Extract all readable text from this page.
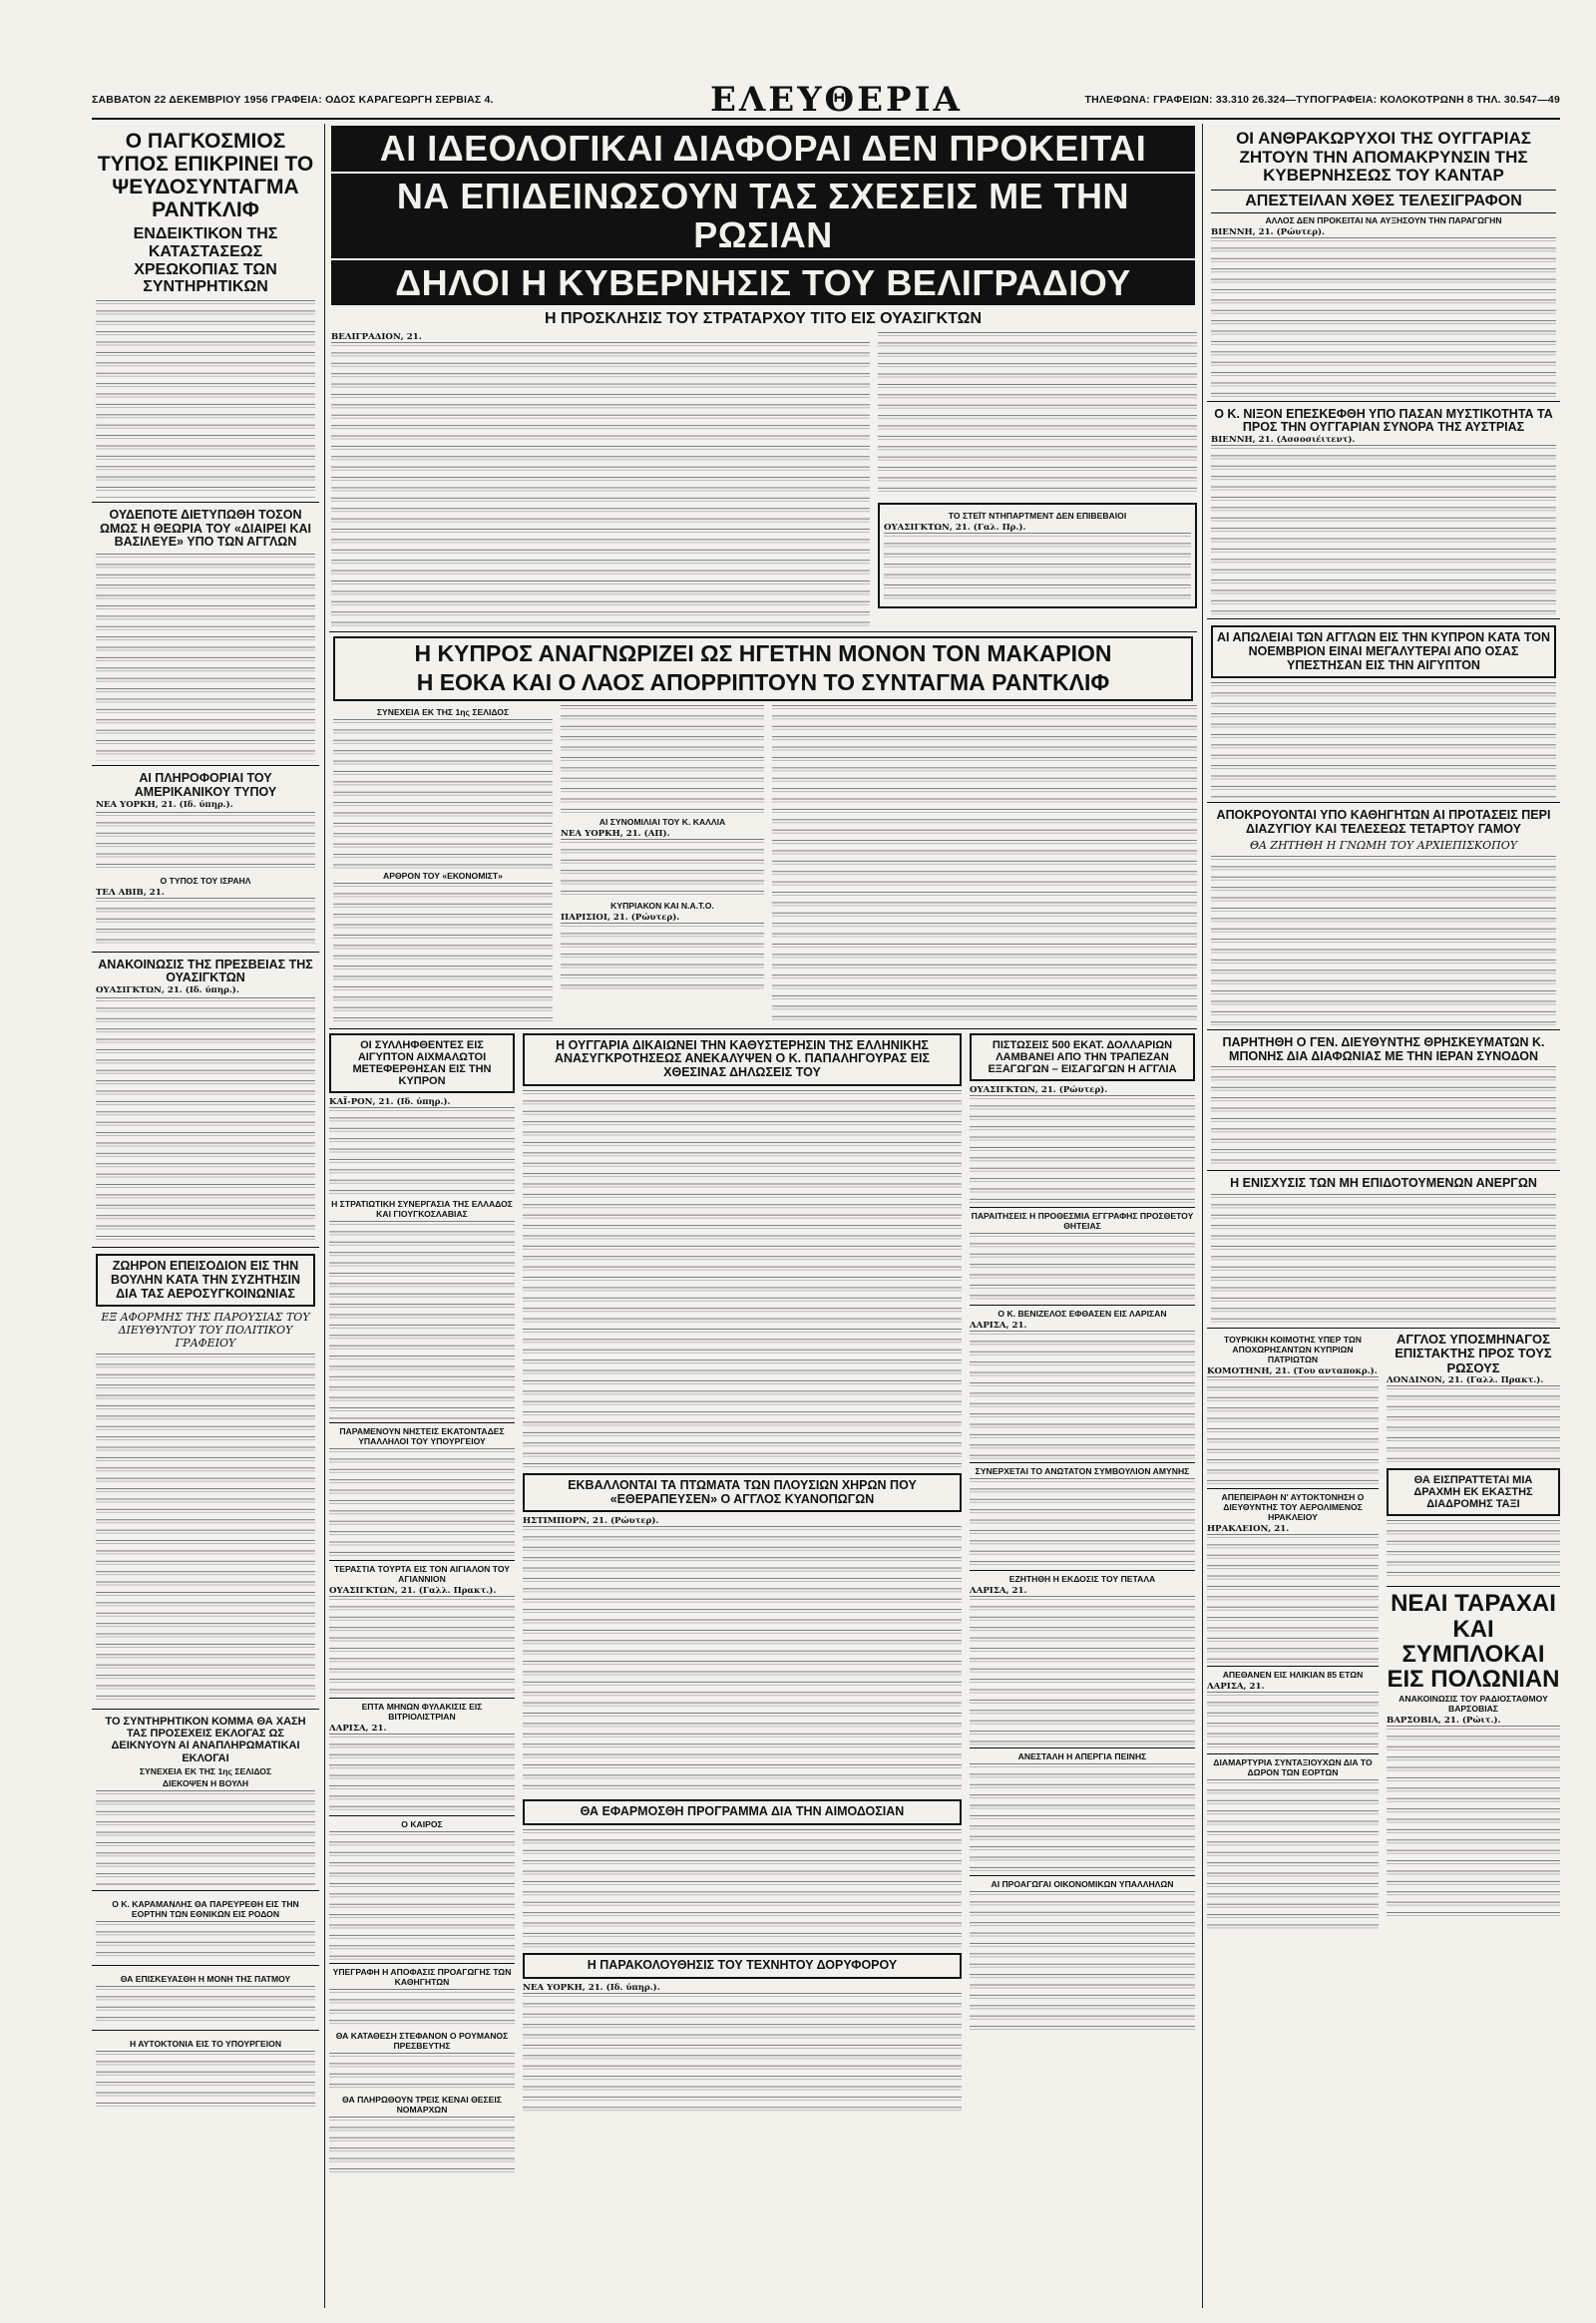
ΣΑΒΒΑΤΟΝ 22 ΔΕΚΕΜΒΡΙΟΥ 1956 ΓΡΑΦΕΙΑ: ΟΔΟΣ ΚΑΡΑΓΕΩΡΓΗ ΣΕΡΒΙΑΣ 4.	ΕΛΕΥΘΕΡΙΑ	ΤΗΛΕΦΩΝΑ: ΓΡΑΦΕΙΩΝ: 33.310 26.324—ΤΥΠΟΓΡΑΦΕΙΑ: ΚΟΛΟΚΟΤΡΩΝΗ 8 ΤΗΛ. 30.547—49
Ο ΠΑΓΚΟΣΜΙΟΣ ΤΥΠΟΣ ΕΠΙΚΡΙΝΕΙ ΤΟ ΨΕΥΔΟΣΥΝΤΑΓΜΑ ΡΑΝΤΚΛΙΦ
ΕΝΔΕΙΚΤΙΚΟΝ ΤΗΣ ΚΑΤΑΣΤΑΣΕΩΣ ΧΡΕΩΚΟΠΙΑΣ ΤΩΝ ΣΥΝΤΗΡΗΤΙΚΩΝ
ΟΥΔΕΠΟΤΕ ΔΙΕΤΥΠΩΘΗ ΤΟΣΟΝ ΩΜΩΣ Η ΘΕΩΡΙΑ ΤΟΥ «ΔΙΑΙΡΕΙ ΚΑΙ ΒΑΣΙΛΕΥΕ» ΥΠΟ ΤΩΝ ΑΓΓΛΩΝ
ΑΙ ΠΛΗΡΟΦΟΡΙΑΙ ΤΟΥ ΑΜΕΡΙΚΑΝΙΚΟΥ ΤΥΠΟΥ
ΝΕΑ ΥΟΡΚΗ, 21. (Ιδ. ύπηρ.).
Ο ΤΥΠΟΣ ΤΟΥ ΙΣΡΑΗΛ
ΤΕΛ ΑΒΙΒ, 21.
ΑΝΑΚΟΙΝΩΣΙΣ ΤΗΣ ΠΡΕΣΒΕΙΑΣ ΤΗΣ ΟΥΑΣΙΓΚΤΩΝ
ΟΥΑΣΙΓΚΤΩΝ, 21. (Ιδ. ύπηρ.).
ΖΩΗΡΟΝ ΕΠΕΙΣΟΔΙΟΝ ΕΙΣ ΤΗΝ ΒΟΥΛΗΝ ΚΑΤΑ ΤΗΝ ΣΥΖΗΤΗΣΙΝ ΔΙΑ ΤΑΣ ΑΕΡΟΣΥΓΚΟΙΝΩΝΙΑΣ
ΕΞ ΑΦΟΡΜΗΣ ΤΗΣ ΠΑΡΟΥΣΙΑΣ ΤΟΥ ΔΙΕΥΘΥΝΤΟΥ ΤΟΥ ΠΟΛΙΤΙΚΟΥ ΓΡΑΦΕΙΟΥ
ΤΟ ΣΥΝΤΗΡΗΤΙΚΟΝ ΚΟΜΜΑ ΘΑ ΧΑΣΗ ΤΑΣ ΠΡΟΣΕΧΕΙΣ ΕΚΛΟΓΑΣ ΩΣ ΔΕΙΚΝΥΟΥΝ ΑΙ ΑΝΑΠΛΗΡΩΜΑΤΙΚΑΙ ΕΚΛΟΓΑΙ
ΣΥΝΕΧΕΙΑ ΕΚ ΤΗΣ 1ης ΣΕΛΙΔΟΣ
ΔΙΕΚΟΨΕΝ Η ΒΟΥΛΗ
Ο Κ. ΚΑΡΑΜΑΝΛΗΣ ΘΑ ΠΑΡΕΥΡΕΘΗ ΕΙΣ ΤΗΝ ΕΟΡΤΗΝ ΤΩΝ ΕΘΝΙΚΩΝ ΕΙΣ ΡΟΔΟΝ
ΘΑ ΕΠΙΣΚΕΥΑΣΘΗ Η ΜΟΝΗ ΤΗΣ ΠΑΤΜΟΥ
Η ΑΥΤΟΚΤΟΝΙΑ ΕΙΣ ΤΟ ΥΠΟΥΡΓΕΙΟΝ
ΑΙ ΙΔΕΟΛΟΓΙΚΑΙ ΔΙΑΦΟΡΑΙ ΔΕΝ ΠΡΟΚΕΙΤΑΙ
ΝΑ ΕΠΙΔΕΙΝΩΣΟΥΝ ΤΑΣ ΣΧΕΣΕΙΣ ΜΕ ΤΗΝ ΡΩΣΙΑΝ
ΔΗΛΟΙ Η ΚΥΒΕΡΝΗΣΙΣ ΤΟΥ ΒΕΛΙΓΡΑΔΙΟΥ
Η ΠΡΟΣΚΛΗΣΙΣ ΤΟΥ ΣΤΡΑΤΑΡΧΟΥ ΤΙΤΟ ΕΙΣ ΟΥΑΣΙΓΚΤΩΝ
ΒΕΛΙΓΡΑΔΙΟΝ, 21.
ΤΟ ΣΤΕΪΤ ΝΤΗΠΑΡΤΜΕΝΤ ΔΕΝ ΕΠΙΒΕΒΑΙΟΙ
ΟΥΑΣΙΓΚΤΩΝ, 21. (Γαλ. Πρ.).
Η ΚΥΠΡΟΣ ΑΝΑΓΝΩΡΙΖΕΙ ΩΣ ΗΓΕΤΗΝ ΜΟΝΟΝ ΤΟΝ ΜΑΚΑΡΙΟΝ
Η ΕΟΚΑ ΚΑΙ Ο ΛΑΟΣ ΑΠΟΡΡΙΠΤΟΥΝ ΤΟ ΣΥΝΤΑΓΜΑ ΡΑΝΤΚΛΙΦ
ΣΥΝΕΧΕΙΑ ΕΚ ΤΗΣ 1ης ΣΕΛΙΔΟΣ
ΑΡΘΡΟΝ ΤΟΥ «ΕΚΟΝΟΜΙΣΤ»
ΑΙ ΣΥΝΟΜΙΛΙΑΙ ΤΟΥ Κ. ΚΑΛΛΙΑ
ΝΕΑ ΥΟΡΚΗ, 21. (ΑΠ).
ΚΥΠΡΙΑΚΟΝ ΚΑΙ Ν.Α.Τ.Ο.
ΠΑΡΙΣΙΟΙ, 21. (Ρώυτερ).
ΟΙ ΣΥΛΛΗΦΘΕΝΤΕΣ ΕΙΣ ΑΙΓΥΠΤΟΝ ΑΙΧΜΑΛΩΤΟΙ ΜΕΤΕΦΕΡΘΗΣΑΝ ΕΙΣ ΤΗΝ ΚΥΠΡΟΝ
ΚΑΪ-ΡΟΝ, 21. (Ιδ. ύπηρ.).
Η ΣΤΡΑΤΙΩΤΙΚΗ ΣΥΝΕΡΓΑΣΙΑ ΤΗΣ ΕΛΛΑΔΟΣ ΚΑΙ ΓΙΟΥΓΚΟΣΛΑΒΙΑΣ
ΠΑΡΑΜΕΝΟΥΝ ΝΗΣΤΕΙΣ ΕΚΑΤΟΝΤΑΔΕΣ ΥΠΑΛΛΗΛΟΙ ΤΟΥ ΥΠΟΥΡΓΕΙΟΥ
ΤΕΡΑΣΤΙΑ ΤΟΥΡΤΑ ΕΙΣ ΤΟΝ ΑΙΓΙΑΛΟΝ ΤΟΥ ΑΓΙΑΝΝΙΟΝ
ΟΥΑΣΙΓΚΤΩΝ, 21. (Γαλλ. Πρακτ.).
ΕΠΤΑ ΜΗΝΩΝ ΦΥΛΑΚΙΣΙΣ ΕΙΣ ΒΙΤΡΙΟΛΙΣΤΡΙΑΝ
ΛΑΡΙΣΑ, 21.
Ο ΚΑΙΡΟΣ
ΥΠΕΓΡΑΦΗ Η ΑΠΟΦΑΣΙΣ ΠΡΟΑΓΩΓΗΣ ΤΩΝ ΚΑΘΗΓΗΤΩΝ
ΘΑ ΚΑΤΑΘΕΣΗ ΣΤΕΦΑΝΟΝ Ο ΡΟΥΜΑΝΟΣ ΠΡΕΣΒΕΥΤΗΣ
ΘΑ ΠΛΗΡΩΘΟΥΝ ΤΡΕΙΣ ΚΕΝΑΙ ΘΕΣΕΙΣ ΝΟΜΑΡΧΩΝ
Η ΟΥΓΓΑΡΙΑ ΔΙΚΑΙΩΝΕΙ ΤΗΝ ΚΑΘΥΣΤΕΡΗΣΙΝ ΤΗΣ ΕΛΛΗΝΙΚΗΣ ΑΝΑΣΥΓΚΡΟΤΗΣΕΩΣ ΑΝΕΚΑΛΥΨΕΝ Ο Κ. ΠΑΠΑΛΗΓΟΥΡΑΣ ΕΙΣ ΧΘΕΣΙΝΑΣ ΔΗΛΩΣΕΙΣ ΤΟΥ
ΕΚΒΑΛΛΟΝΤΑΙ ΤΑ ΠΤΩΜΑΤΑ ΤΩΝ ΠΛΟΥΣΙΩΝ ΧΗΡΩΝ ΠΟΥ «ΕΘΕΡΑΠΕΥΣΕΝ» Ο ΑΓΓΛΟΣ ΚΥΑΝΟΠΩΓΩΝ
ΗΣΤΙΜΠΟΡΝ, 21. (Ρώυτερ).
ΘΑ ΕΦΑΡΜΟΣΘΗ ΠΡΟΓΡΑΜΜΑ ΔΙΑ ΤΗΝ ΑΙΜΟΔΟΣΙΑΝ
Η ΠΑΡΑΚΟΛΟΥΘΗΣΙΣ ΤΟΥ ΤΕΧΝΗΤΟΥ ΔΟΡΥΦΟΡΟΥ
ΝΕΑ ΥΟΡΚΗ, 21. (Ιδ. ύπηρ.).
ΠΙΣΤΩΣΕΙΣ 500 ΕΚΑΤ. ΔΟΛΛΑΡΙΩΝ ΛΑΜΒΑΝΕΙ ΑΠΟ ΤΗΝ ΤΡΑΠΕΖΑΝ ΕΞΑΓΩΓΩΝ – ΕΙΣΑΓΩΓΩΝ Η ΑΓΓΛΙΑ
ΟΥΑΣΙΓΚΤΩΝ, 21. (Ρώυτερ).
ΠΑΡΑΙΤΗΣΕΙΣ Η ΠΡΟΘΕΣΜΙΑ ΕΓΓΡΑΦΗΣ ΠΡΟΣΘΕΤΟΥ ΘΗΤΕΙΑΣ
Ο Κ. ΒΕΝΙΖΕΛΟΣ ΕΦΘΑΣΕΝ ΕΙΣ ΛΑΡΙΣΑΝ
ΛΑΡΙΣΑ, 21.
ΣΥΝΕΡΧΕΤΑΙ ΤΟ ΑΝΩΤΑΤΟΝ ΣΥΜΒΟΥΛΙΟΝ ΑΜΥΝΗΣ
ΕΖΗΤΗΘΗ Η ΕΚΔΟΣΙΣ ΤΟΥ ΠΕΤΑΛΑ
ΛΑΡΙΣΑ, 21.
ΑΝΕΣΤΑΛΗ Η ΑΠΕΡΓΙΑ ΠΕΙΝΗΣ
ΑΙ ΠΡΟΑΓΩΓΑΙ ΟΙΚΟΝΟΜΙΚΩΝ ΥΠΑΛΛΗΛΩΝ
ΟΙ ΑΝΘΡΑΚΩΡΥΧΟΙ ΤΗΣ ΟΥΓΓΑΡΙΑΣ ΖΗΤΟΥΝ ΤΗΝ ΑΠΟΜΑΚΡΥΝΣΙΝ ΤΗΣ ΚΥΒΕΡΝΗΣΕΩΣ ΤΟΥ ΚΑΝΤΑΡ
ΑΠΕΣΤΕΙΛΑΝ ΧΘΕΣ ΤΕΛΕΣΙΓΡΑΦΟΝ
ΑΛΛΟΣ ΔΕΝ ΠΡΟΚΕΙΤΑΙ ΝΑ ΑΥΞΗΣΟΥΝ ΤΗΝ ΠΑΡΑΓΩΓΗΝ
ΒΙΕΝΝΗ, 21. (Ρώυτερ).
Ο Κ. ΝΙΞΟΝ ΕΠΕΣΚΕΦΘΗ ΥΠΟ ΠΑΣΑΝ ΜΥΣΤΙΚΟΤΗΤΑ ΤΑ ΠΡΟΣ ΤΗΝ ΟΥΓΓΑΡΙΑΝ ΣΥΝΟΡΑ ΤΗΣ ΑΥΣΤΡΙΑΣ
ΒΙΕΝΝΗ, 21. (Ασσοσιέιτεντ).
ΑΙ ΑΠΩΛΕΙΑΙ ΤΩΝ ΑΓΓΛΩΝ ΕΙΣ ΤΗΝ ΚΥΠΡΟΝ ΚΑΤΑ ΤΟΝ ΝΟΕΜΒΡΙΟΝ ΕΙΝΑΙ ΜΕΓΑΛΥΤΕΡΑΙ ΑΠΟ ΟΣΑΣ ΥΠΕΣΤΗΣΑΝ ΕΙΣ ΤΗΝ ΑΙΓΥΠΤΟΝ
ΑΠΟΚΡΟΥΟΝΤΑΙ ΥΠΟ ΚΑΘΗΓΗΤΩΝ ΑΙ ΠΡΟΤΑΣΕΙΣ ΠΕΡΙ ΔΙΑΖΥΓΙΟΥ ΚΑΙ ΤΕΛΕΣΕΩΣ ΤΕΤΑΡΤΟΥ ΓΑΜΟΥ
ΘΑ ΖΗΤΗΘΗ Η ΓΝΩΜΗ ΤΟΥ ΑΡΧΙΕΠΙΣΚΟΠΟΥ
ΠΑΡΗΤΗΘΗ Ο ΓΕΝ. ΔΙΕΥΘΥΝΤΗΣ ΘΡΗΣΚΕΥΜΑΤΩΝ Κ. ΜΠΟΝΗΣ ΔΙΑ ΔΙΑΦΩΝΙΑΣ ΜΕ ΤΗΝ ΙΕΡΑΝ ΣΥΝΟΔΟΝ
Η ΕΝΙΣΧΥΣΙΣ ΤΩΝ ΜΗ ΕΠΙΔΟΤΟΥΜΕΝΩΝ ΑΝΕΡΓΩΝ
ΤΟΥΡΚΙΚΗ ΚΟΙΜΟΤΗΣ ΥΠΕΡ ΤΩΝ ΑΠΟΧΩΡΗΣΑΝΤΩΝ ΚΥΠΡΙΩΝ ΠΑΤΡΙΩΤΩΝ
ΚΟΜΟΤΗΝΗ, 21. (Του ανταποκρ.).
ΑΠΕΠΕΙΡΑΘΗ Ν' ΑΥΤΟΚΤΟΝΗΣΗ Ο ΔΙΕΥΘΥΝΤΗΣ ΤΟΥ ΑΕΡΟΛΙΜΕΝΟΣ ΗΡΑΚΛΕΙΟΥ
ΗΡΑΚΛΕΙΟΝ, 21.
ΑΠΕΘΑΝΕΝ ΕΙΣ ΗΛΙΚΙΑΝ 85 ΕΤΩΝ
ΛΑΡΙΣΑ, 21.
ΔΙΑΜΑΡΤΥΡΙΑ ΣΥΝΤΑΞΙΟΥΧΩΝ ΔΙΑ ΤΟ ΔΩΡΟΝ ΤΩΝ ΕΟΡΤΩΝ
ΑΓΓΛΟΣ ΥΠΟΣΜΗΝΑΓΟΣ ΕΠΙΣΤΑΚΤΗΣ ΠΡΟΣ ΤΟΥΣ ΡΩΣΟΥΣ
ΛΟΝΔΙΝΟΝ, 21. (Γαλλ. Πρακτ.).
ΘΑ ΕΙΣΠΡΑΤΤΕΤΑΙ ΜΙΑ ΔΡΑΧΜΗ ΕΚ ΕΚΑΣΤΗΣ ΔΙΑΔΡΟΜΗΣ ΤΑΞΙ
ΝΕΑΙ ΤΑΡΑΧΑΙ ΚΑΙ ΣΥΜΠΛΟΚΑΙ ΕΙΣ ΠΟΛΩΝΙΑΝ
ΑΝΑΚΟΙΝΩΣΙΣ ΤΟΥ ΡΑΔΙΟΣΤΑΘΜΟΥ ΒΑΡΣΟΒΙΑΣ
ΒΑΡΣΟΒΙΑ, 21. (Ρώιτ.).
